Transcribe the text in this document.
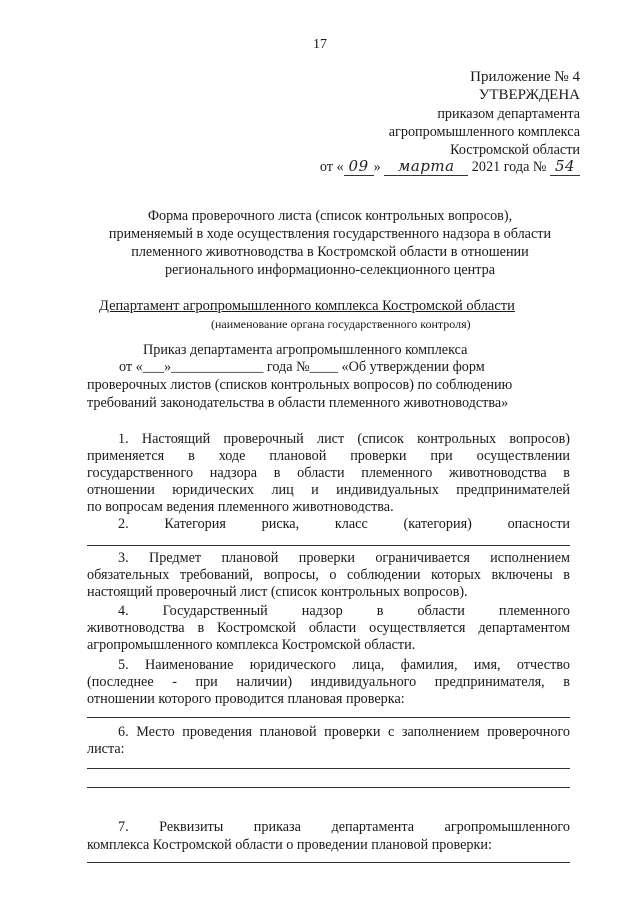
17
Приложение № 4
УТВЕРЖДЕНА
приказом департамента
агропромышленного комплекса
Костромской области
от « 09 » марта 2021 года № 54
Форма проверочного листа (список контрольных вопросов),
применяемый в ходе осуществления государственного надзора в области
племенного животноводства в Костромской области в отношении
регионального информационно-селекционного центра
Департамент агропромышленного комплекса Костромской области
(наименование органа государственного контроля)
Приказ департамента агропромышленного комплекса
от «___»_____________ года №____ «Об утверждении форм
проверочных листов (списков контрольных вопросов) по соблюдению
требований законодательства в области племенного животноводства»
1. Настоящий проверочный лист (список контрольных вопросов)
применяется в ходе плановой проверки при осуществлении
государственного надзора в области племенного животноводства в
отношении юридических лиц и индивидуальных предпринимателей
по вопросам ведения племенного животноводства.
2. Категория риска, класс (категория) опасности
3. Предмет плановой проверки ограничивается исполнением
обязательных требований, вопросы, о соблюдении которых включены в
настоящий проверочный лист (список контрольных вопросов).
4. Государственный надзор в области племенного
животноводства в Костромской области осуществляется департаментом
агропромышленного комплекса Костромской области.
5. Наименование юридического лица, фамилия, имя, отчество
(последнее - при наличии) индивидуального предпринимателя, в
отношении которого проводится плановая проверка:
6. Место проведения плановой проверки с заполнением проверочного
листа:
7. Реквизиты приказа департамента агропромышленного
комплекса Костромской области о проведении плановой проверки:
